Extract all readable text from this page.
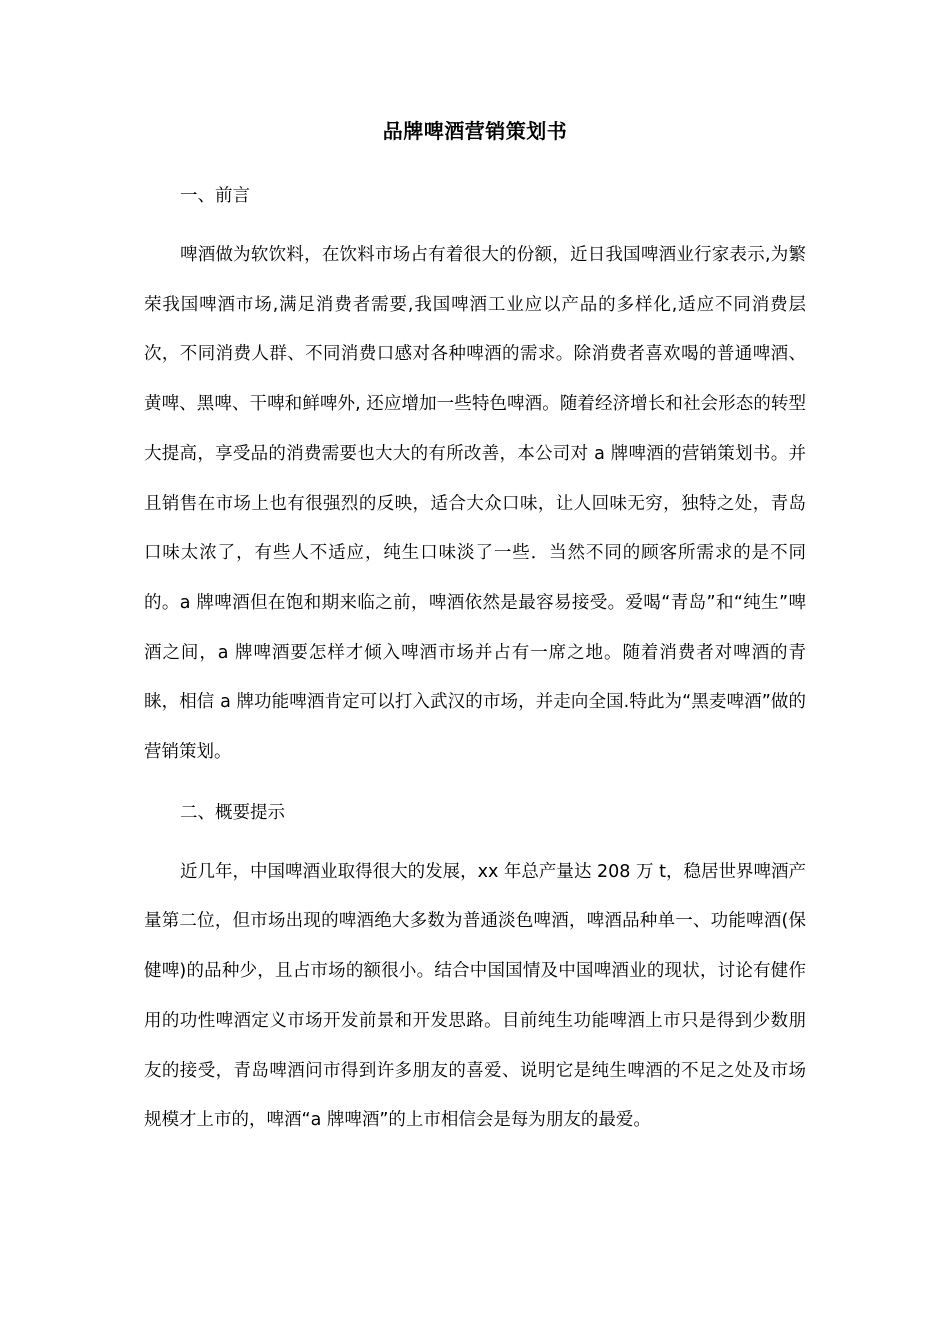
品牌啤酒营销策划书
一、前言

啤酒做为软饮料，在饮料市场占有着很大的份额，近日我国啤酒业行家表示,为繁荣我国啤酒市场,满足消费者需要,我国啤酒工业应以产品的多样化,适应不同消费层次，不同消费人群、不同消费口感对各种啤酒的需求。除消费者喜欢喝的普通啤酒、黄啤、黑啤、干啤和鲜啤外, 还应增加一些特色啤酒。随着经济增长和社会形态的转型大提高，享受品的消费需要也大大的有所改善，本公司对 a 牌啤酒的营销策划书。并且销售在市场上也有很强烈的反映，适合大众口味，让人回味无穷，独特之处，青岛口味太浓了，有些人不适应，纯生口味淡了一些．当然不同的顾客所需求的是不同的。a 牌啤酒但在饱和期来临之前，啤酒依然是最容易接受。爱喝“青岛”和“纯生”啤酒之间，a 牌啤酒要怎样才倾入啤酒市场并占有一席之地。随着消费者对啤酒的青睐，相信 a 牌功能啤酒肯定可以打入武汉的市场，并走向全国.特此为“黑麦啤酒”做的营销策划。

二、概要提示

近几年，中国啤酒业取得很大的发展，xx 年总产量达 208 万 t，稳居世界啤酒产量第二位，但市场出现的啤酒绝大多数为普通淡色啤酒，啤酒品种单一、功能啤酒(保健啤)的品种少，且占市场的额很小。结合中国国情及中国啤酒业的现状，讨论有健作用的功性啤酒定义市场开发前景和开发思路。目前纯生功能啤酒上市只是得到少数朋友的接受，青岛啤酒问市得到许多朋友的喜爱、说明它是纯生啤酒的不足之处及市场规模才上市的，啤酒“a 牌啤酒”的上市相信会是每为朋友的最爱。
